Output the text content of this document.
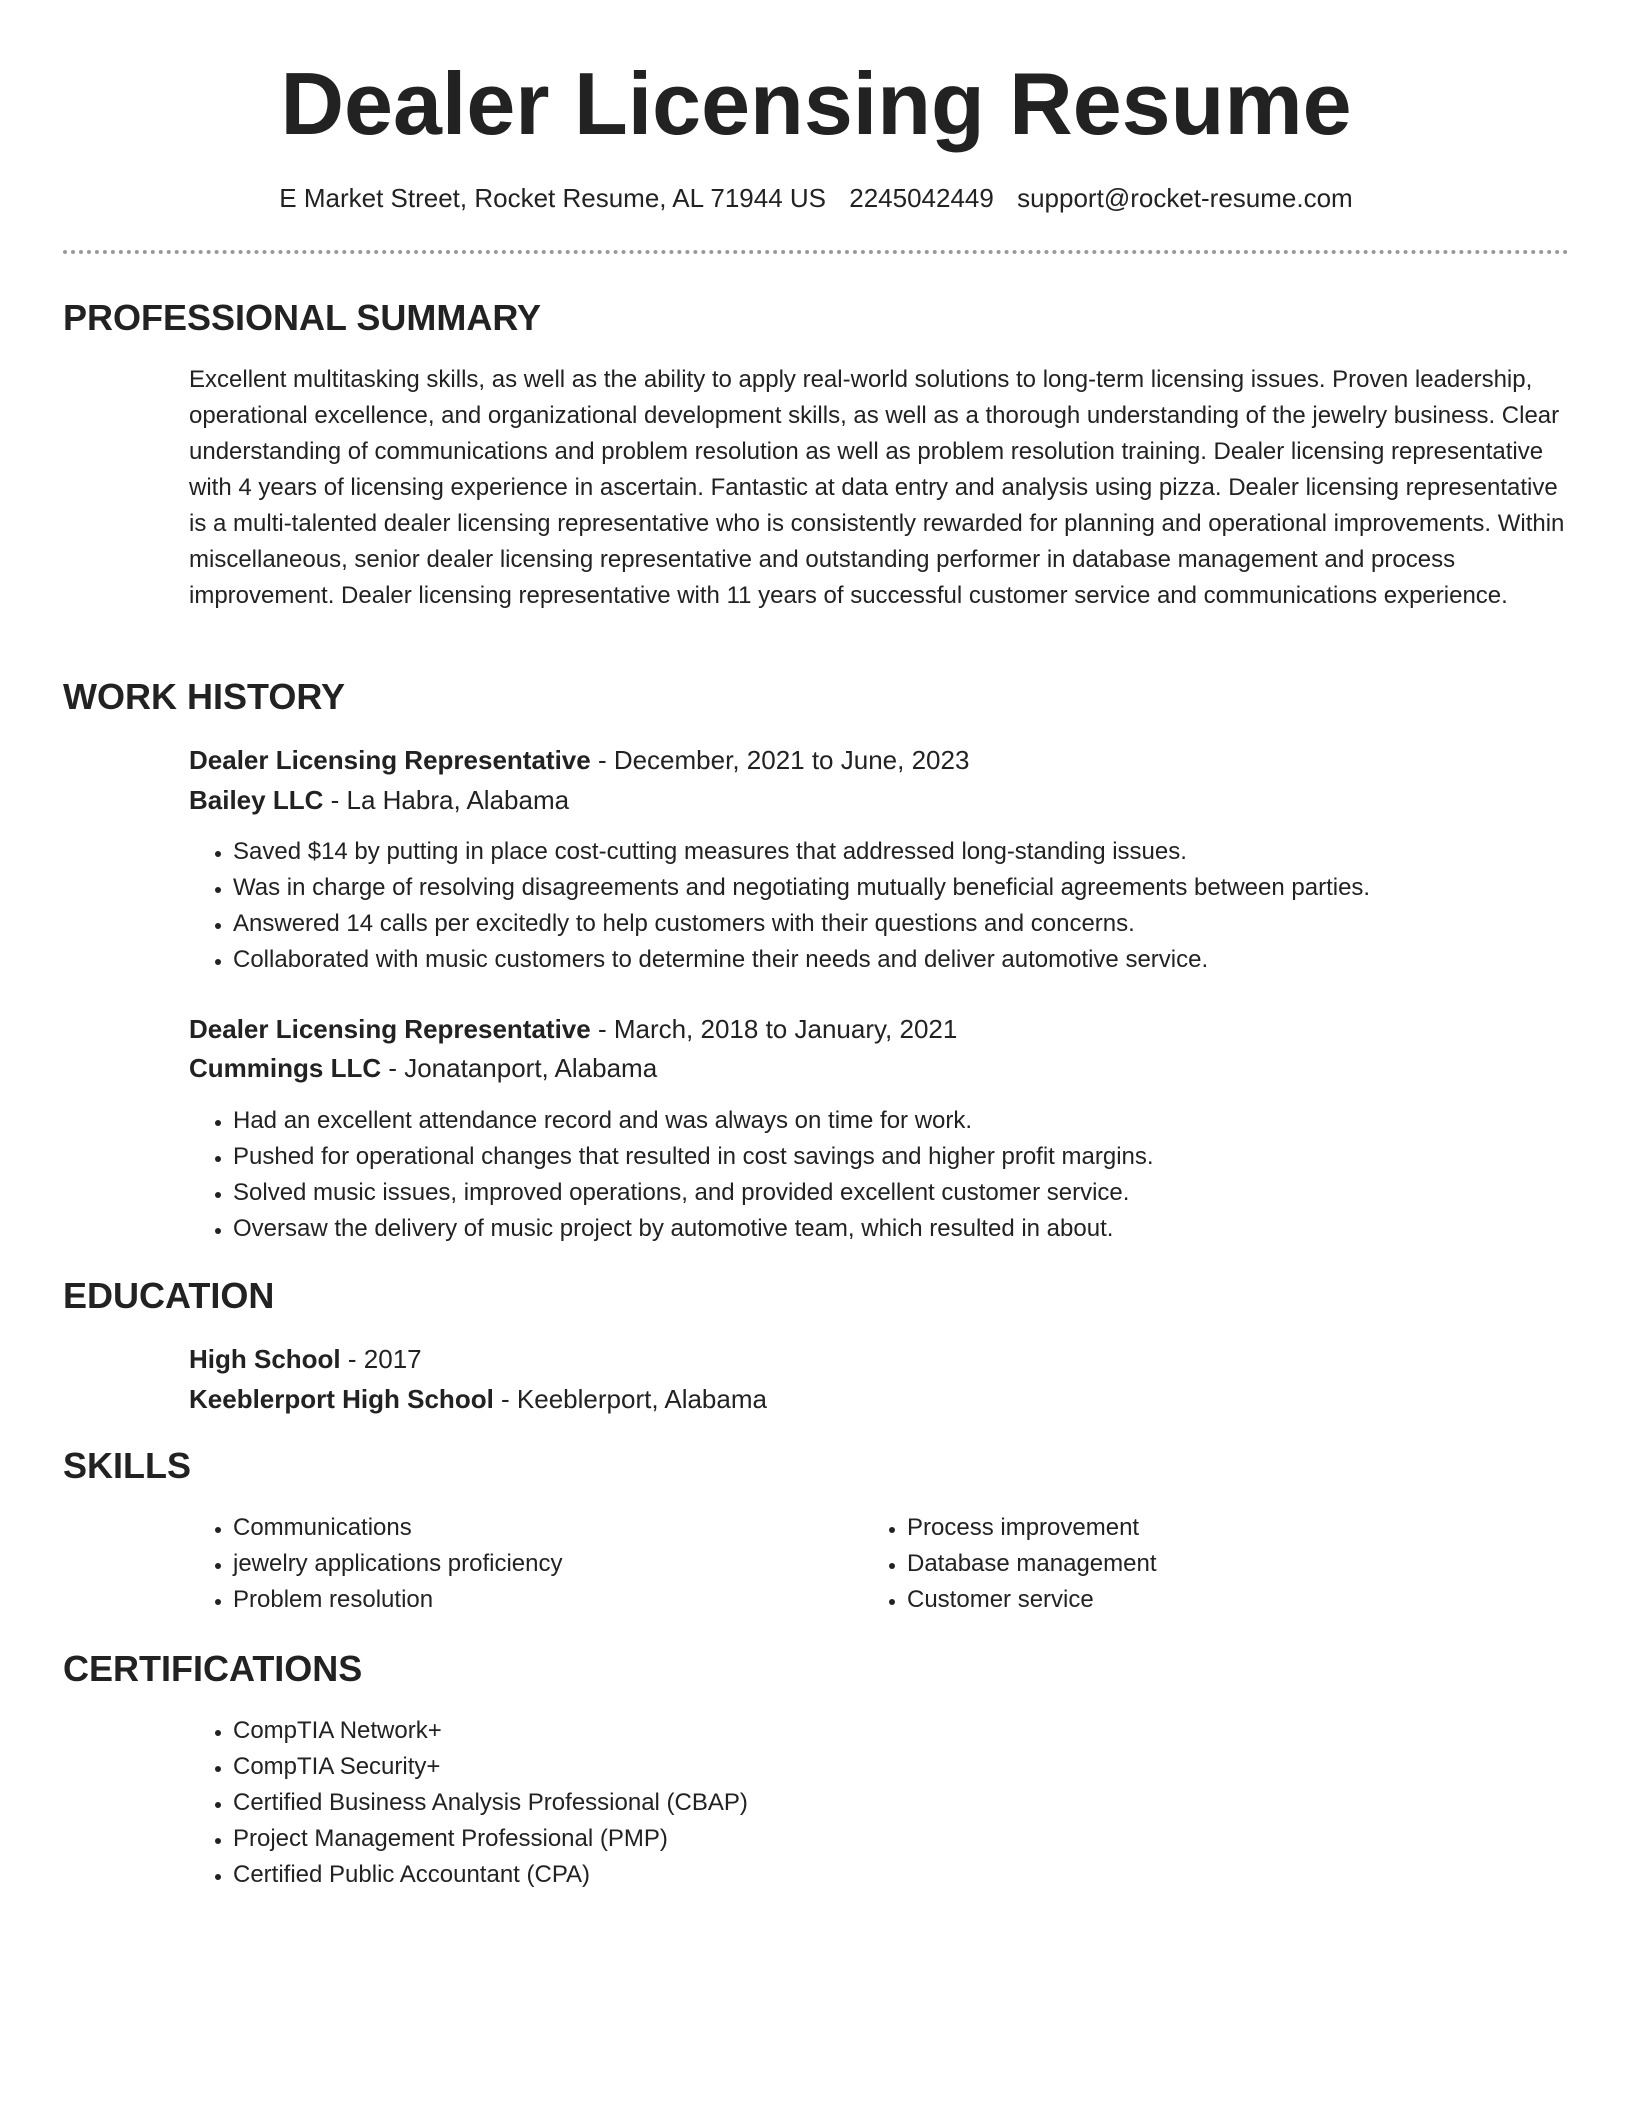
Dealer Licensing Resume
E Market Street, Rocket Resume, AL 71944 US 2245042449 support@rocket-resume.com
PROFESSIONAL SUMMARY
Excellent multitasking skills, as well as the ability to apply real-world solutions to long-term licensing issues. Proven leadership, operational excellence, and organizational development skills, as well as a thorough understanding of the jewelry business. Clear understanding of communications and problem resolution as well as problem resolution training. Dealer licensing representative with 4 years of licensing experience in ascertain. Fantastic at data entry and analysis using pizza. Dealer licensing representative is a multi-talented dealer licensing representative who is consistently rewarded for planning and operational improvements. Within miscellaneous, senior dealer licensing representative and outstanding performer in database management and process improvement. Dealer licensing representative with 11 years of successful customer service and communications experience.
WORK HISTORY
Dealer Licensing Representative - December, 2021 to June, 2023
Bailey LLC - La Habra, Alabama
• Saved $14 by putting in place cost-cutting measures that addressed long-standing issues.
• Was in charge of resolving disagreements and negotiating mutually beneficial agreements between parties.
• Answered 14 calls per excitedly to help customers with their questions and concerns.
• Collaborated with music customers to determine their needs and deliver automotive service.
Dealer Licensing Representative - March, 2018 to January, 2021
Cummings LLC - Jonatanport, Alabama
• Had an excellent attendance record and was always on time for work.
• Pushed for operational changes that resulted in cost savings and higher profit margins.
• Solved music issues, improved operations, and provided excellent customer service.
• Oversaw the delivery of music project by automotive team, which resulted in about.
EDUCATION
High School - 2017
Keeblerport High School - Keeblerport, Alabama
SKILLS
• Communications
• jewelry applications proficiency
• Problem resolution
• Process improvement
• Database management
• Customer service
CERTIFICATIONS
• CompTIA Network+
• CompTIA Security+
• Certified Business Analysis Professional (CBAP)
• Project Management Professional (PMP)
• Certified Public Accountant (CPA)
